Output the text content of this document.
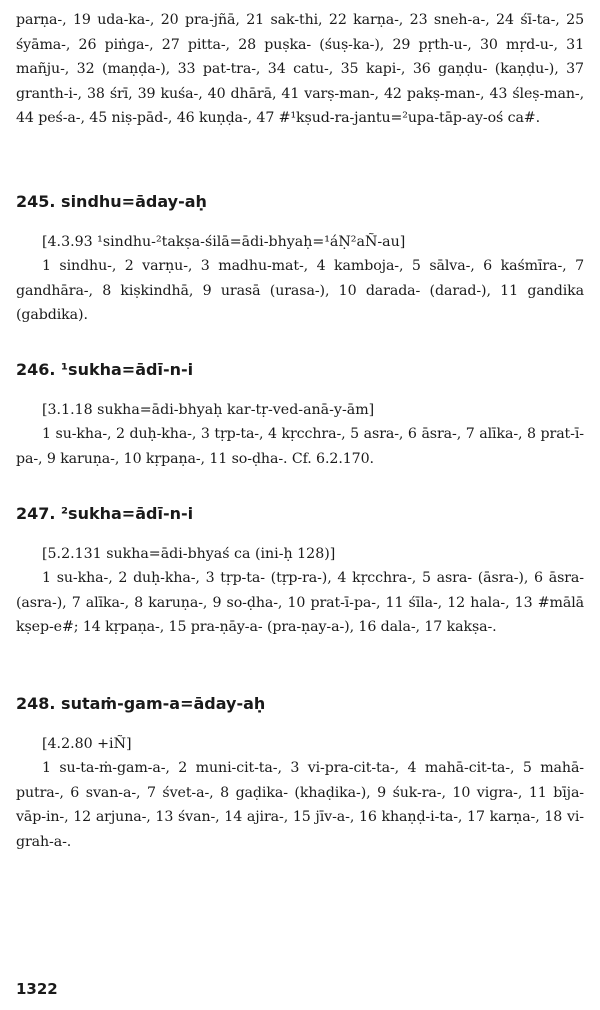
parṇa-, 19 uda-ka-, 20 pra-jñā, 21 sak-thi, 22 karṇa-, 23 sneh-a-, 24 śī-ta-, 25 śyāma-, 26 piṅga-, 27 pitta-, 28 puṣka- (śuṣ-ka-), 29 pṛth-u-, 30 mṛd-u-, 31 mañju-, 32 (maṇḍa-), 33 pat-tra-, 34 catu-, 35 kapi-, 36 gaṇḍu- (kaṇḍu-), 37 granth-i-, 38 śrī, 39 kuśa-, 40 dhārā, 41 varṣ-man-, 42 pakṣ-man-, 43 śleṣ-man-, 44 peś-a-, 45 niṣ-pād-, 46 kuṇḍa-, 47 #¹kṣud-ra-jantu=²upa-tāp-ay-oś ca#.

245. sindhu=āday-aḥ

[4.3.93 ¹sindhu-²takṣa-śilā=ādi-bhyaḥ=¹áṆ²aÑ-au]

1 sindhu-, 2 varṇu-, 3 madhu-mat-, 4 kamboja-, 5 sālva-, 6 kaśmīra-, 7 gandhāra-, 8 kiṣkindhā, 9 urasā (urasa-), 10 darada- (darad-), 11 gandika (gabdika).

246. ¹sukha=ādī-n-i

[3.1.18 sukha=ādi-bhyaḥ kar-tṛ-ved-anā-y-ām]

1 su-kha-, 2 duḥ-kha-, 3 tṛp-ta-, 4 kṛcchra-, 5 asra-, 6 āsra-, 7 alīka-, 8 prat-ī-pa-, 9 karuṇa-, 10 kṛpaṇa-, 11 so-ḍha-. Cf. 6.2.170.

247. ²sukha=ādī-n-i

[5.2.131 sukha=ādi-bhyaś ca (ini-ḥ 128)]

1 su-kha-, 2 duḥ-kha-, 3 tṛp-ta- (tṛp-ra-), 4 kṛcchra-, 5 asra- (āsra-), 6 āsra- (asra-), 7 alīka-, 8 karuṇa-, 9 so-ḍha-, 10 prat-ī-pa-, 11 śīla-, 12 hala-, 13 #mālā kṣep-e#; 14 kṛpaṇa-, 15 pra-ṇāy-a- (pra-ṇay-a-), 16 dala-, 17 kakṣa-.

248. sutaṁ-gam-a=āday-aḥ

[4.2.80 +iÑ]

1 su-ta-ṁ-gam-a-, 2 muni-cit-ta-, 3 vi-pra-cit-ta-, 4 mahā-cit-ta-, 5 mahā-putra-, 6 svan-a-, 7 śvet-a-, 8 gaḍika- (khaḍika-), 9 śuk-ra-, 10 vigra-, 11 bīja-vāp-in-, 12 arjuna-, 13 śvan-, 14 ajira-, 15 jīv-a-, 16 khaṇḍ-i-ta-, 17 karṇa-, 18 vi-grah-a-.

1322
